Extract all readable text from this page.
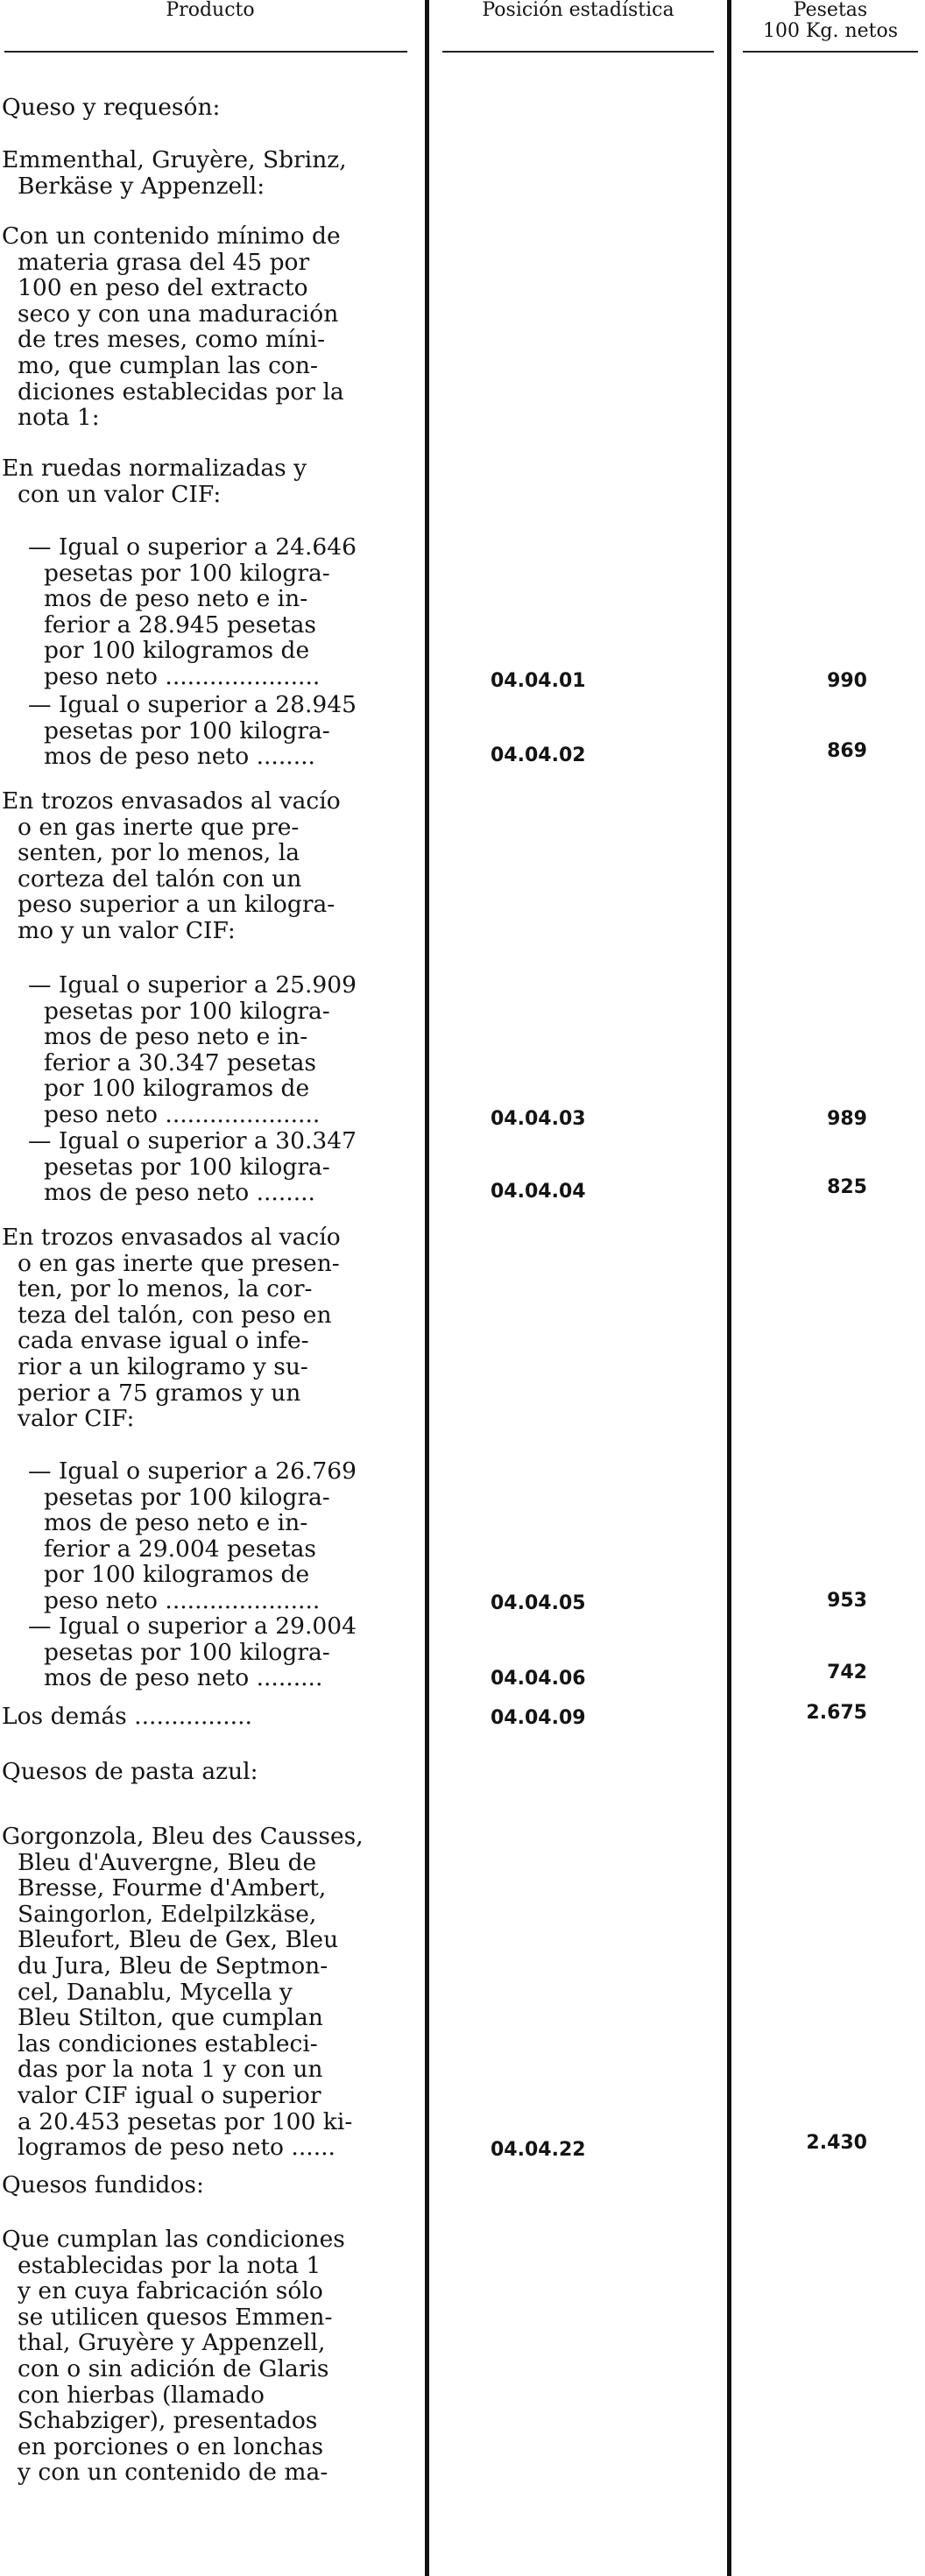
Producto	Posición estadística	Pesetas
100 Kg. netos
Queso y requesón:
Emmenthal, Gruyère, Sbrinz,
Berkäse y Appenzell:
Con un contenido mínimo de
materia grasa del 45 por
100 en peso del extracto
seco y con una maduración
de tres meses, como míni-
mo, que cumplan las con-
diciones establecidas por la
nota 1:
En ruedas normalizadas y
con un valor CIF:
— Igual o superior a 24.646
pesetas por 100 kilogra-
mos de peso neto e in-
ferior a 28.945 pesetas
por 100 kilogramos de
peso neto .....................	04.04.01	990
— Igual o superior a 28.945
pesetas por 100 kilogra-
mos de peso neto ........	04.04.02	869
En trozos envasados al vacío
o en gas inerte que pre-
senten, por lo menos, la
corteza del talón con un
peso superior a un kilogra-
mo y un valor CIF:
— Igual o superior a 25.909
pesetas por 100 kilogra-
mos de peso neto e in-
ferior a 30.347 pesetas
por 100 kilogramos de
peso neto .....................	04.04.03	989
— Igual o superior a 30.347
pesetas por 100 kilogra-
mos de peso neto ........	04.04.04	825
En trozos envasados al vacío
o en gas inerte que presen-
ten, por lo menos, la cor-
teza del talón, con peso en
cada envase igual o infe-
rior a un kilogramo y su-
perior a 75 gramos y un
valor CIF:
— Igual o superior a 26.769
pesetas por 100 kilogra-
mos de peso neto e in-
ferior a 29.004 pesetas
por 100 kilogramos de
peso neto .....................	04.04.05	953
— Igual o superior a 29.004
pesetas por 100 kilogra-
mos de peso neto .........	04.04.06	742
Los demás ................	04.04.09	2.675
Quesos de pasta azul:
Gorgonzola, Bleu des Causses,
Bleu d'Auvergne, Bleu de
Bresse, Fourme d'Ambert,
Saingorlon, Edelpilzkäse,
Bleufort, Bleu de Gex, Bleu
du Jura, Bleu de Septmon-
cel, Danablu, Mycella y
Bleu Stilton, que cumplan
las condiciones estableci-
das por la nota 1 y con un
valor CIF igual o superior
a 20.453 pesetas por 100 ki-
logramos de peso neto ......	04.04.22	2.430
Quesos fundidos:
Que cumplan las condiciones
establecidas por la nota 1
y en cuya fabricación sólo
se utilicen quesos Emmen-
thal, Gruyère y Appenzell,
con o sin adición de Glaris
con hierbas (llamado
Schabziger), presentados
en porciones o en lonchas
y con un contenido de ma-
